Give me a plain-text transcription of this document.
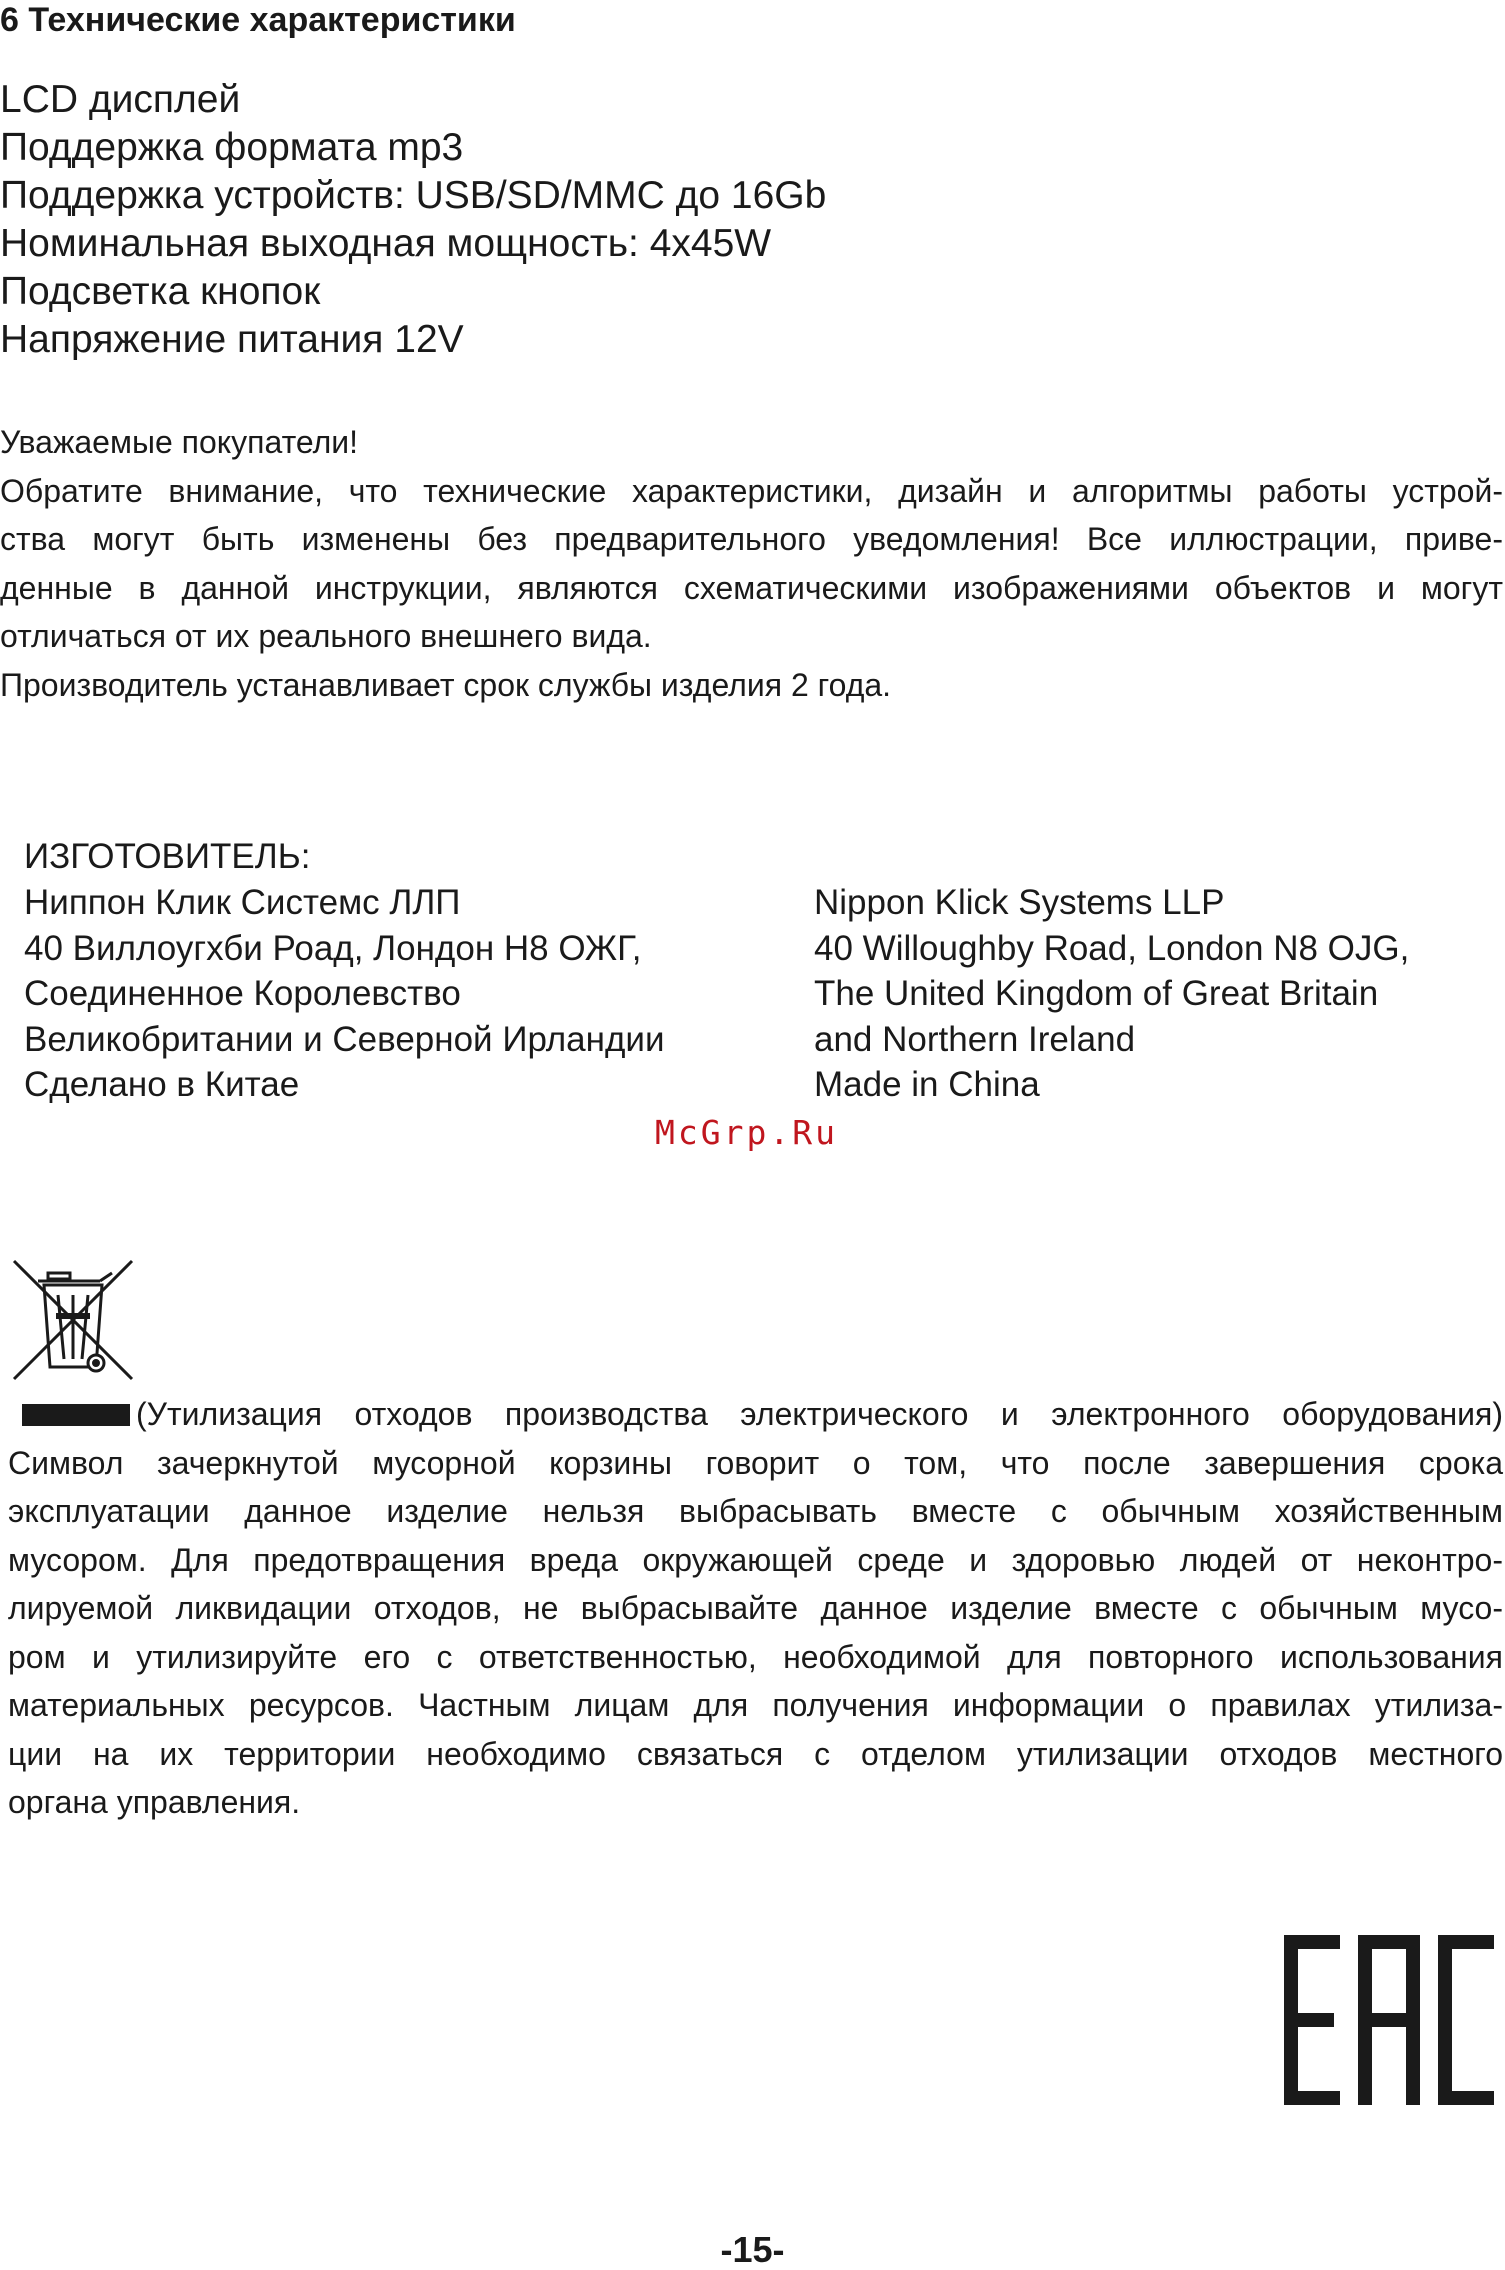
6 Технические характеристики
LCD дисплей
Поддержка формата mp3
Поддержка устройств: USB/SD/MMC до 16Gb
Номинальная выходная мощность: 4x45W
Подсветка кнопок
Напряжение питания 12V

Уважаемые покупатели!

Обратите внимание, что технические характеристики, дизайн и алгоритмы работы устрой-

ства могут быть изменены без предварительного уведомления! Все иллюстрации, приве-

денные в данной инструкции, являются схематическими изображениями объектов и могут

отличаться от их реального внешнего вида.

Производитель устанавливает срок службы изделия 2 года.

ИЗГОТОВИТЕЛЬ:
Ниппон Клик Системс ЛЛП
40 Виллоугхби Роад, Лондон Н8 ОЖГ,
Соединенное Королевство
Великобритании и Северной Ирландии
Сделано в Китае
Nippon Klick Systems LLP
40 Willoughby Road, London N8 OJG,
The United Kingdom of Great Britain
and Northern Ireland
Made in China
McGrp.Ru

(Утилизация отходов производства электрического и электронного оборудования)

Символ зачеркнутой мусорной корзины говорит о том, что после завершения срока

эксплуатации данное изделие нельзя выбрасывать вместе с обычным хозяйственным

мусором. Для предотвращения вреда окружающей среде и здоровью людей от неконтро-

лируемой ликвидации отходов, не выбрасывайте данное изделие вместе с обычным мусо-

ром и утилизируйте его с ответственностью, необходимой для повторного использования

материальных ресурсов. Частным лицам для получения информации о правилах утилиза-

ции на их территории необходимо связаться с отделом утилизации отходов местного

органа управления.

-15-
